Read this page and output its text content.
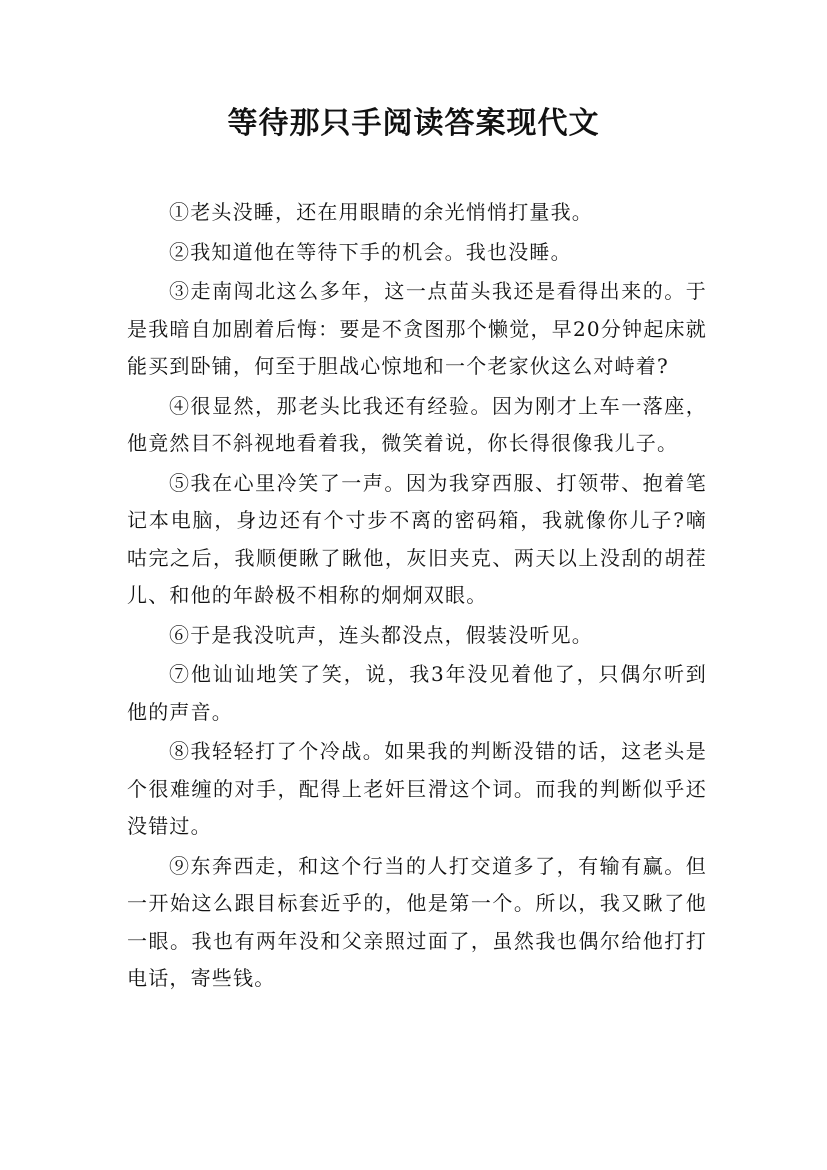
等待那只手阅读答案现代文

①老头没睡，还在用眼睛的余光悄悄打量我。

②我知道他在等待下手的机会。我也没睡。

③走南闯北这么多年，这一点苗头我还是看得出来的。于是我暗自加剧着后悔：要是不贪图那个懒觉，早20分钟起床就能买到卧铺，何至于胆战心惊地和一个老家伙这么对峙着?

④很显然，那老头比我还有经验。因为刚才上车一落座，他竟然目不斜视地看着我，微笑着说，你长得很像我儿子。

⑤我在心里冷笑了一声。因为我穿西服、打领带、抱着笔记本电脑，身边还有个寸步不离的密码箱，我就像你儿子?嘀咕完之后，我顺便瞅了瞅他，灰旧夹克、两天以上没刮的胡茬儿、和他的年龄极不相称的炯炯双眼。

⑥于是我没吭声，连头都没点，假装没听见。

⑦他讪讪地笑了笑，说，我3年没见着他了，只偶尔听到他的声音。

⑧我轻轻打了个冷战。如果我的判断没错的话，这老头是个很难缠的对手，配得上老奸巨滑这个词。而我的判断似乎还没错过。

⑨东奔西走，和这个行当的人打交道多了，有输有赢。但一开始这么跟目标套近乎的，他是第一个。所以，我又瞅了他一眼。我也有两年没和父亲照过面了，虽然我也偶尔给他打打电话，寄些钱。
